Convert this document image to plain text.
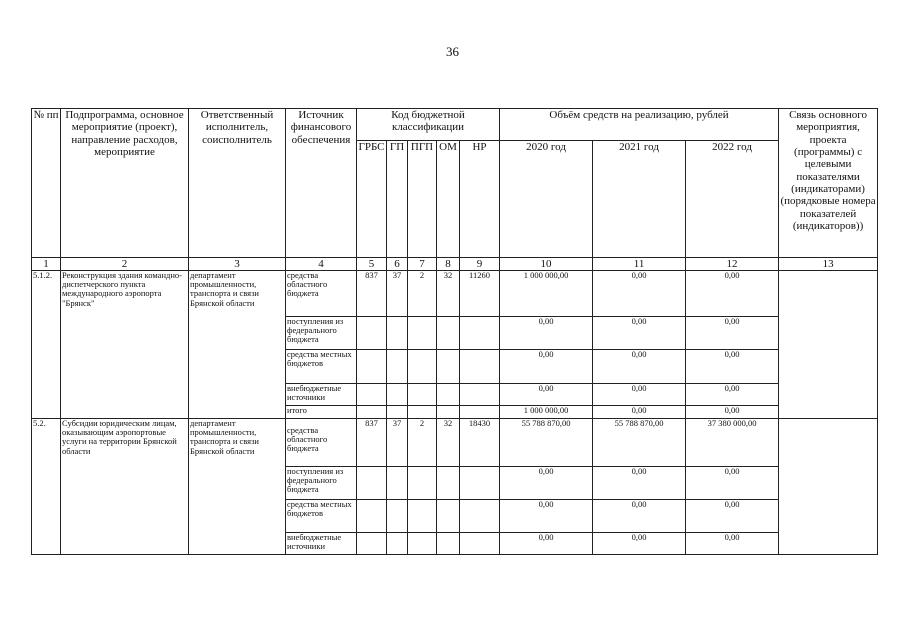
36
№ пп	Подпрограмма, основное мероприятие (проект), направление расходов, мероприятие	Ответственный исполнитель, соисполнитель	Источник финансового обеспечения	Код бюджетной классификации					Объём средств на реализацию, рублей			Связь основного мероприятия, проекта (программы) с целевыми показателями (индикаторами) (порядковые номера показателей (индикаторов))
				ГРБС	ГП	ПГП	ОМ	НР	2020 год	2021 год	2022 год	
1	2	3	4	5	6	7	8	9	10	11	12	13
5.1.2.	Реконструкция здания командно-диспетчерского пункта международного аэропорта "Брянск"	департамент промышленности, транспорта и связи Брянской области	средства областного бюджета	837	37	2	32	11260	1 000 000,00	0,00	0,00	
			поступления из федерального бюджета						0,00	0,00	0,00	
			средства местных бюджетов						0,00	0,00	0,00	
			внебюджетные источники						0,00	0,00	0,00	
			итого						1 000 000,00	0,00	0,00	
5.2.	Субсидии юридическим лицам, оказывающим аэропортовые услуги на территории Брянской области	департамент промышленности, транспорта и связи Брянской области	средства областного бюджета	837	37	2	32	18430	55 788 870,00	55 788 870,00	37 380 000,00	
			поступления из федерального бюджета						0,00	0,00	0,00	
			средства местных бюджетов						0,00	0,00	0,00	
			внебюджетные источники						0,00	0,00	0,00	
